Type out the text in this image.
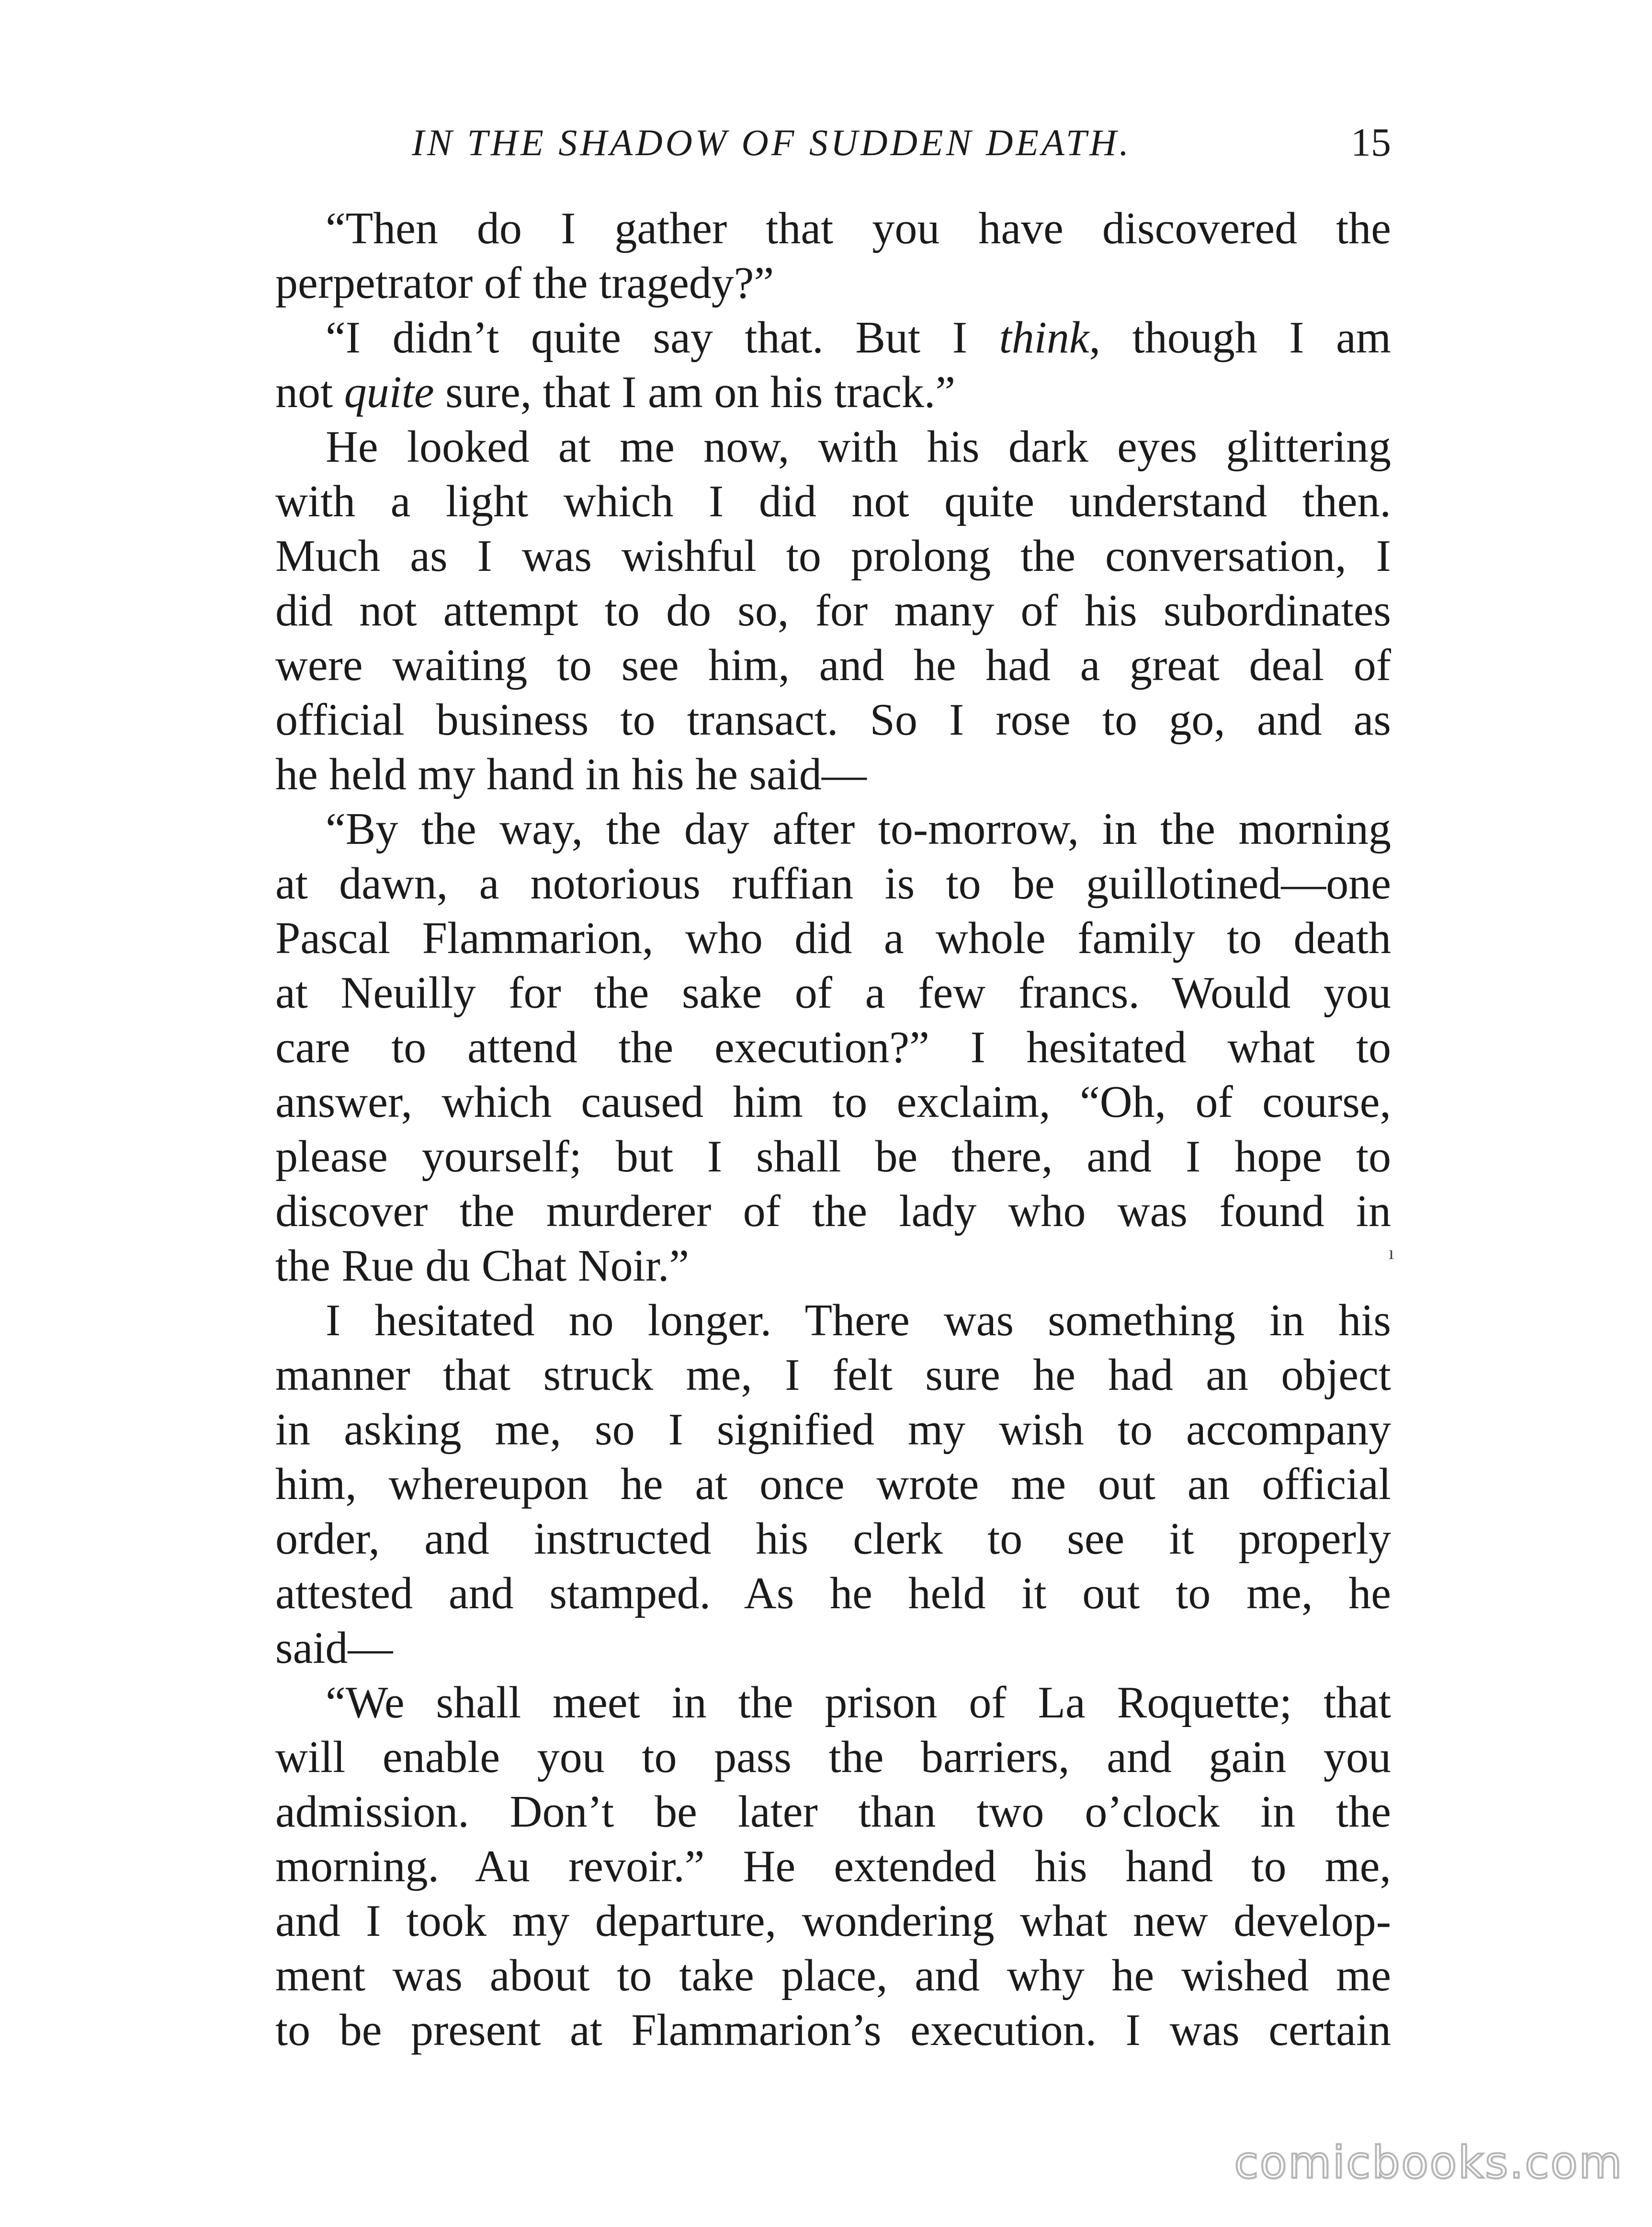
IN THE SHADOW OF SUDDEN DEATH.	15
“Then do I gather that you have discovered the
perpetrator of the tragedy?”
“I didn’t quite say that. But I think, though I am
not quite sure, that I am on his track.”
He looked at me now, with his dark eyes glittering
with a light which I did not quite understand then.
Much as I was wishful to prolong the conversation, I
did not attempt to do so, for many of his subordinates
were waiting to see him, and he had a great deal of
official business to transact. So I rose to go, and as
he held my hand in his he said—
“By the way, the day after to-morrow, in the morning
at dawn, a notorious ruffian is to be guillotined—one
Pascal Flammarion, who did a whole family to death
at Neuilly for the sake of a few francs. Would you
care to attend the execution?” I hesitated what to
answer, which caused him to exclaim, “Oh, of course,
please yourself; but I shall be there, and I hope to
discover the murderer of the lady who was found in
the Rue du Chat Noir.”
I hesitated no longer. There was something in his
manner that struck me, I felt sure he had an object
in asking me, so I signified my wish to accompany
him, whereupon he at once wrote me out an official
order, and instructed his clerk to see it properly
attested and stamped. As he held it out to me, he
said—
“We shall meet in the prison of La Roquette; that
will enable you to pass the barriers, and gain you
admission. Don’t be later than two o’clock in the
morning. Au revoir.” He extended his hand to me,
and I took my departure, wondering what new develop-
ment was about to take place, and why he wished me
to be present at Flammarion’s execution. I was certain
ı
comicbooks.com
